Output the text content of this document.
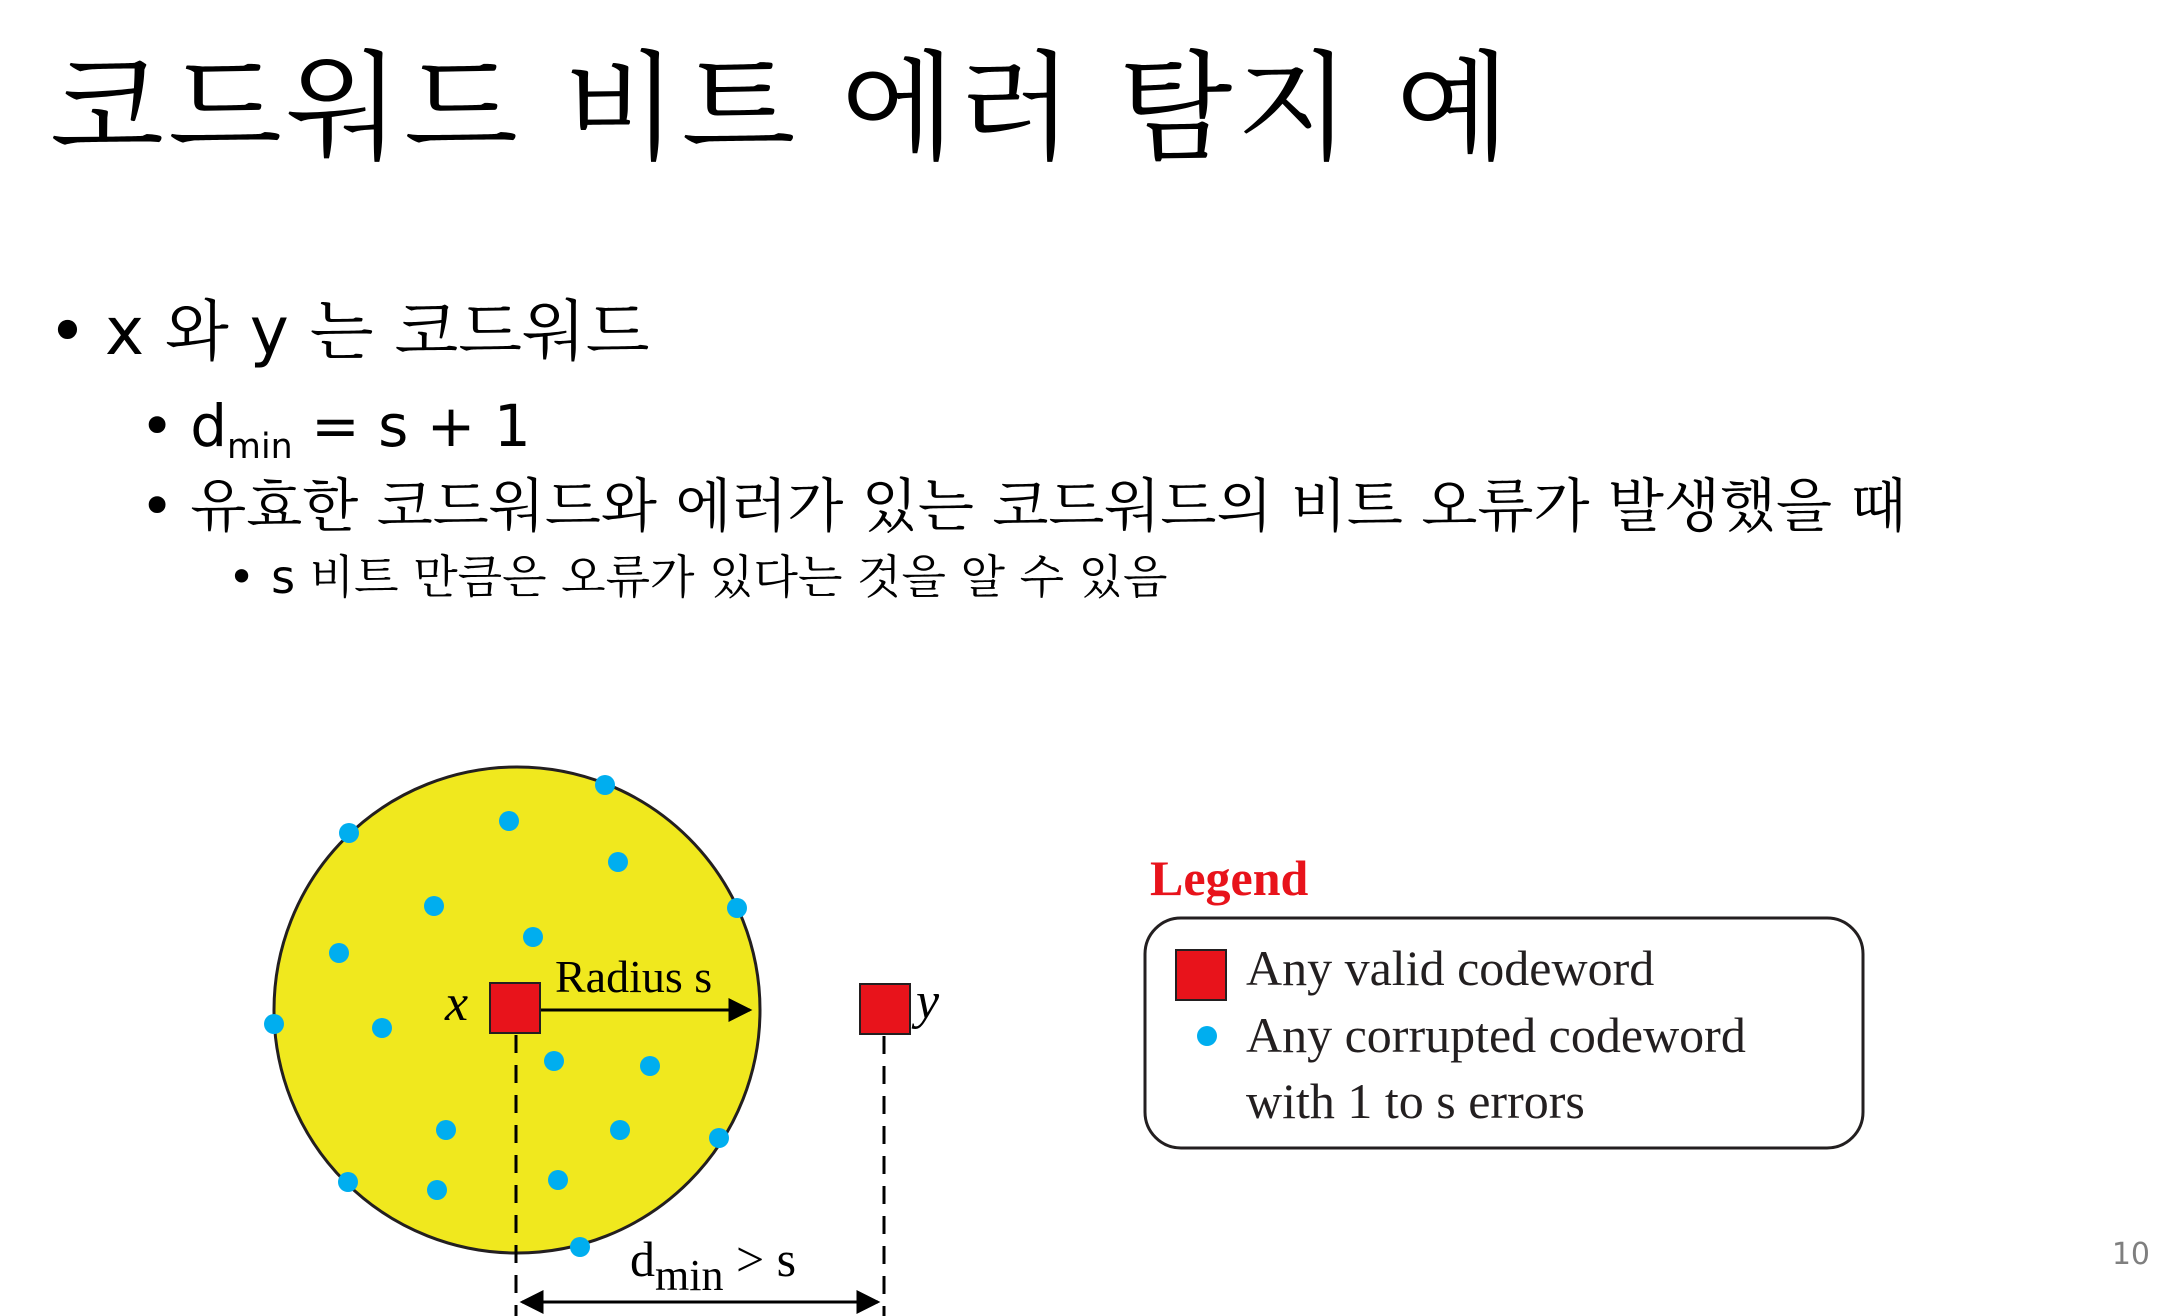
코드워드 비트 에러 탐지 예
• x 와 y 는 코드워드
• $d_{min} = s + 1$
• 유효한 코드워드와 에러가 있는 코드워드의 비트 오류가 발생했을 때
• s 비트 만큼은 오류가 있다는 것을 알 수 있음
Radius s
x	y
dmin > s
Legend
Any valid codeword
Any corrupted codeword
with 1 to s errors
10
